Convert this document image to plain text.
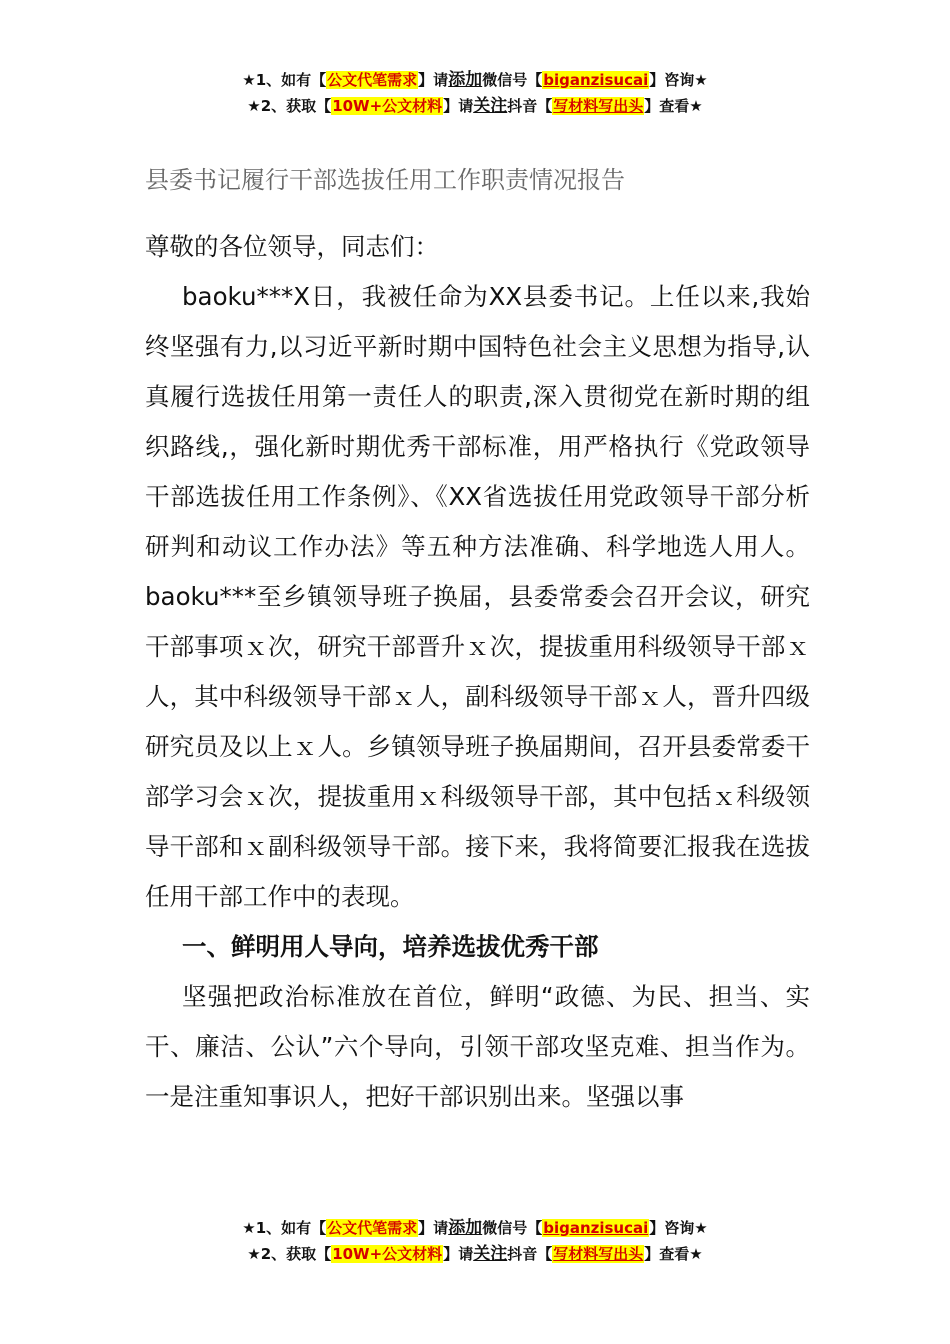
★1、如有【公文代笔需求】请添加微信号【biganzisucai】咨询★
★2、获取【10W+公文材料】请关注抖音【写材料写出头】查看★
县委书记履行干部选拔任用工作职责情况报告

尊敬的各位领导，同志们：

baoku***X日，我被任命为XX县委书记。上任以来,我始终坚强有力,以习近平新时期中国特色社会主义思想为指导,认真履行选拔任用第一责任人的职责,深入贯彻党在新时期的组织路线,，强化新时期优秀干部标准，用严格执行《党政领导干部选拔任用工作条例》、《XX省选拔任用党政领导干部分析研判和动议工作办法》等五种方法准确、科学地选人用人。baoku***至乡镇领导班子换届，县委常委会召开会议，研究干部事项ｘ次，研究干部晋升ｘ次，提拔重用科级领导干部ｘ人，其中科级领导干部ｘ人，副科级领导干部ｘ人，晋升四级研究员及以上ｘ人。乡镇领导班子换届期间，召开县委常委干部学习会ｘ次，提拔重用ｘ科级领导干部，其中包括ｘ科级领导干部和ｘ副科级领导干部。接下来，我将简要汇报我在选拔任用干部工作中的表现。

一、鲜明用人导向，培养选拔优秀干部

坚强把政治标准放在首位，鲜明“政德、为民、担当、实干、廉洁、公认”六个导向，引领干部攻坚克难、担当作为。一是注重知事识人，把好干部识别出来。坚强以事

★1、如有【公文代笔需求】请添加微信号【biganzisucai】咨询★
★2、获取【10W+公文材料】请关注抖音【写材料写出头】查看★
